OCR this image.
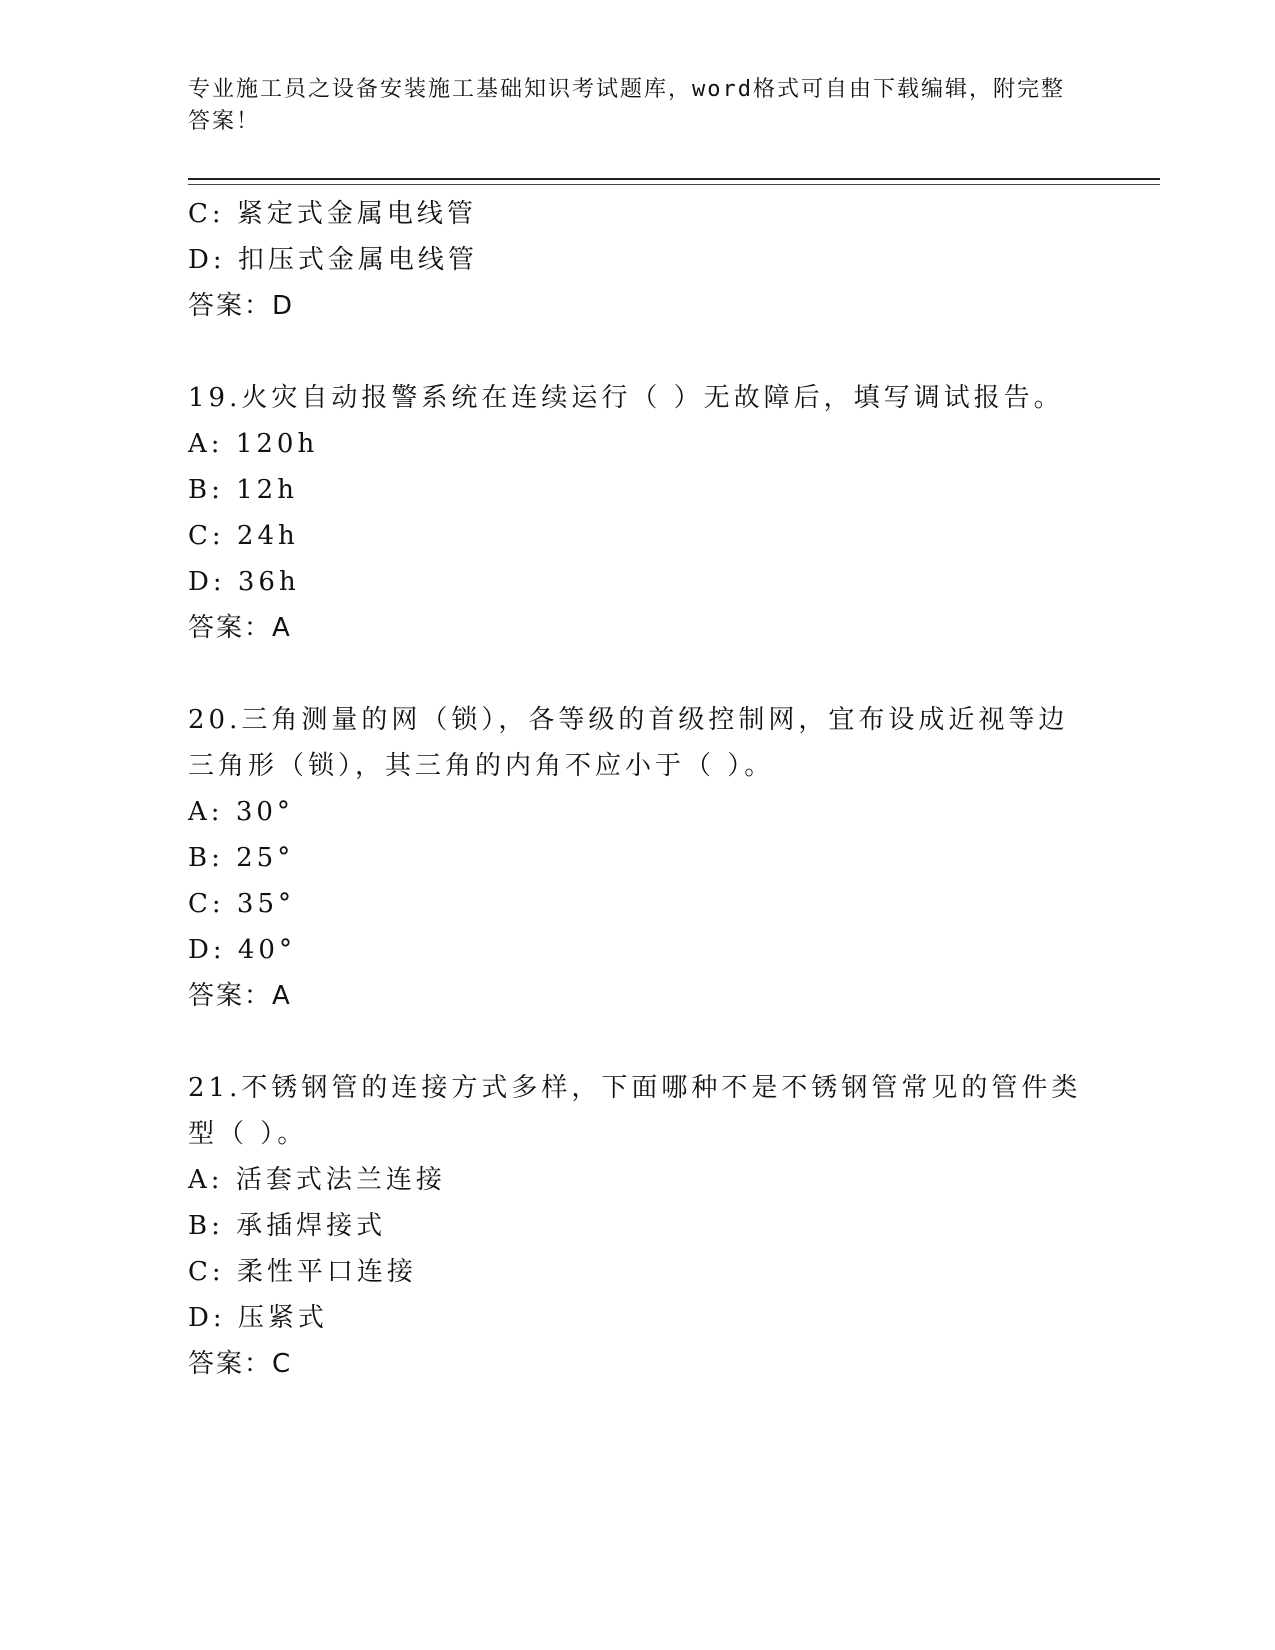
专业施工员之设备安装施工基础知识考试题库，word格式可自由下载编辑，附完整答案！
C: 紧定式金属电线管
D: 扣压式金属电线管
答案：D
19.火灾自动报警系统在连续运行（ ）无故障后，填写调试报告。
A: 120h
B: 12h
C: 24h
D: 36h
答案：A
20.三角测量的网（锁），各等级的首级控制网，宜布设成近视等边三角形（锁），其三角的内角不应小于（ ）。
A: 30°
B: 25°
C: 35°
D: 40°
答案：A
21.不锈钢管的连接方式多样，下面哪种不是不锈钢管常见的管件类型（ ）。
A: 活套式法兰连接
B: 承插焊接式
C: 柔性平口连接
D: 压紧式
答案：C
